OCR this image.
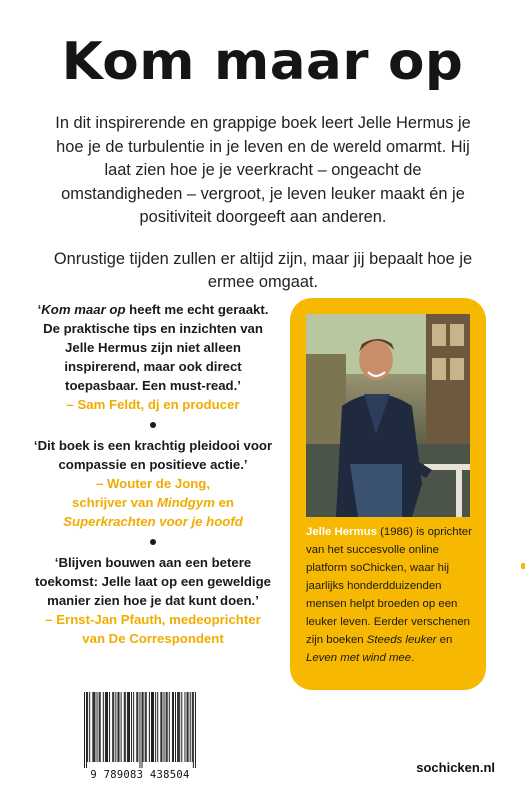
Kom maar op

In dit inspirerende en grappige boek leert Jelle Hermus je hoe je de turbulentie in je leven en de wereld omarmt. Hij laat zien hoe je je veerkracht – ongeacht de omstandigheden – vergroot, je leven leuker maakt én je positiviteit doorgeeft aan anderen.

Onrustige tijden zullen er altijd zijn, maar jij bepaalt hoe je ermee omgaat.

‘Kom maar op heeft me echt geraakt. De praktische tips en inzichten van Jelle Hermus zijn niet alleen inspirerend, maar ook direct toepasbaar. Een must-read.’

– Sam Feldt, dj en producer

‘Dit boek is een krachtig pleidooi voor compassie en positieve actie.’

– Wouter de Jong,
schrijver van Mindgym en
Superkrachten voor je hoofd

‘Blijven bouwen aan een betere toekomst: Jelle laat op een geweldige manier zien hoe je dat kunt doen.’

– Ernst-Jan Pfauth, medeoprichter
van De Correspondent

Jelle Hermus (1986) is oprichter van het succesvolle online platform soChicken, waar hij jaarlijks honderdduizenden mensen helpt broeden op een leuker leven. Eerder verschenen zijn boeken Steeds leuker en Leven met wind mee.
9 789083 438504	sochicken.nl
